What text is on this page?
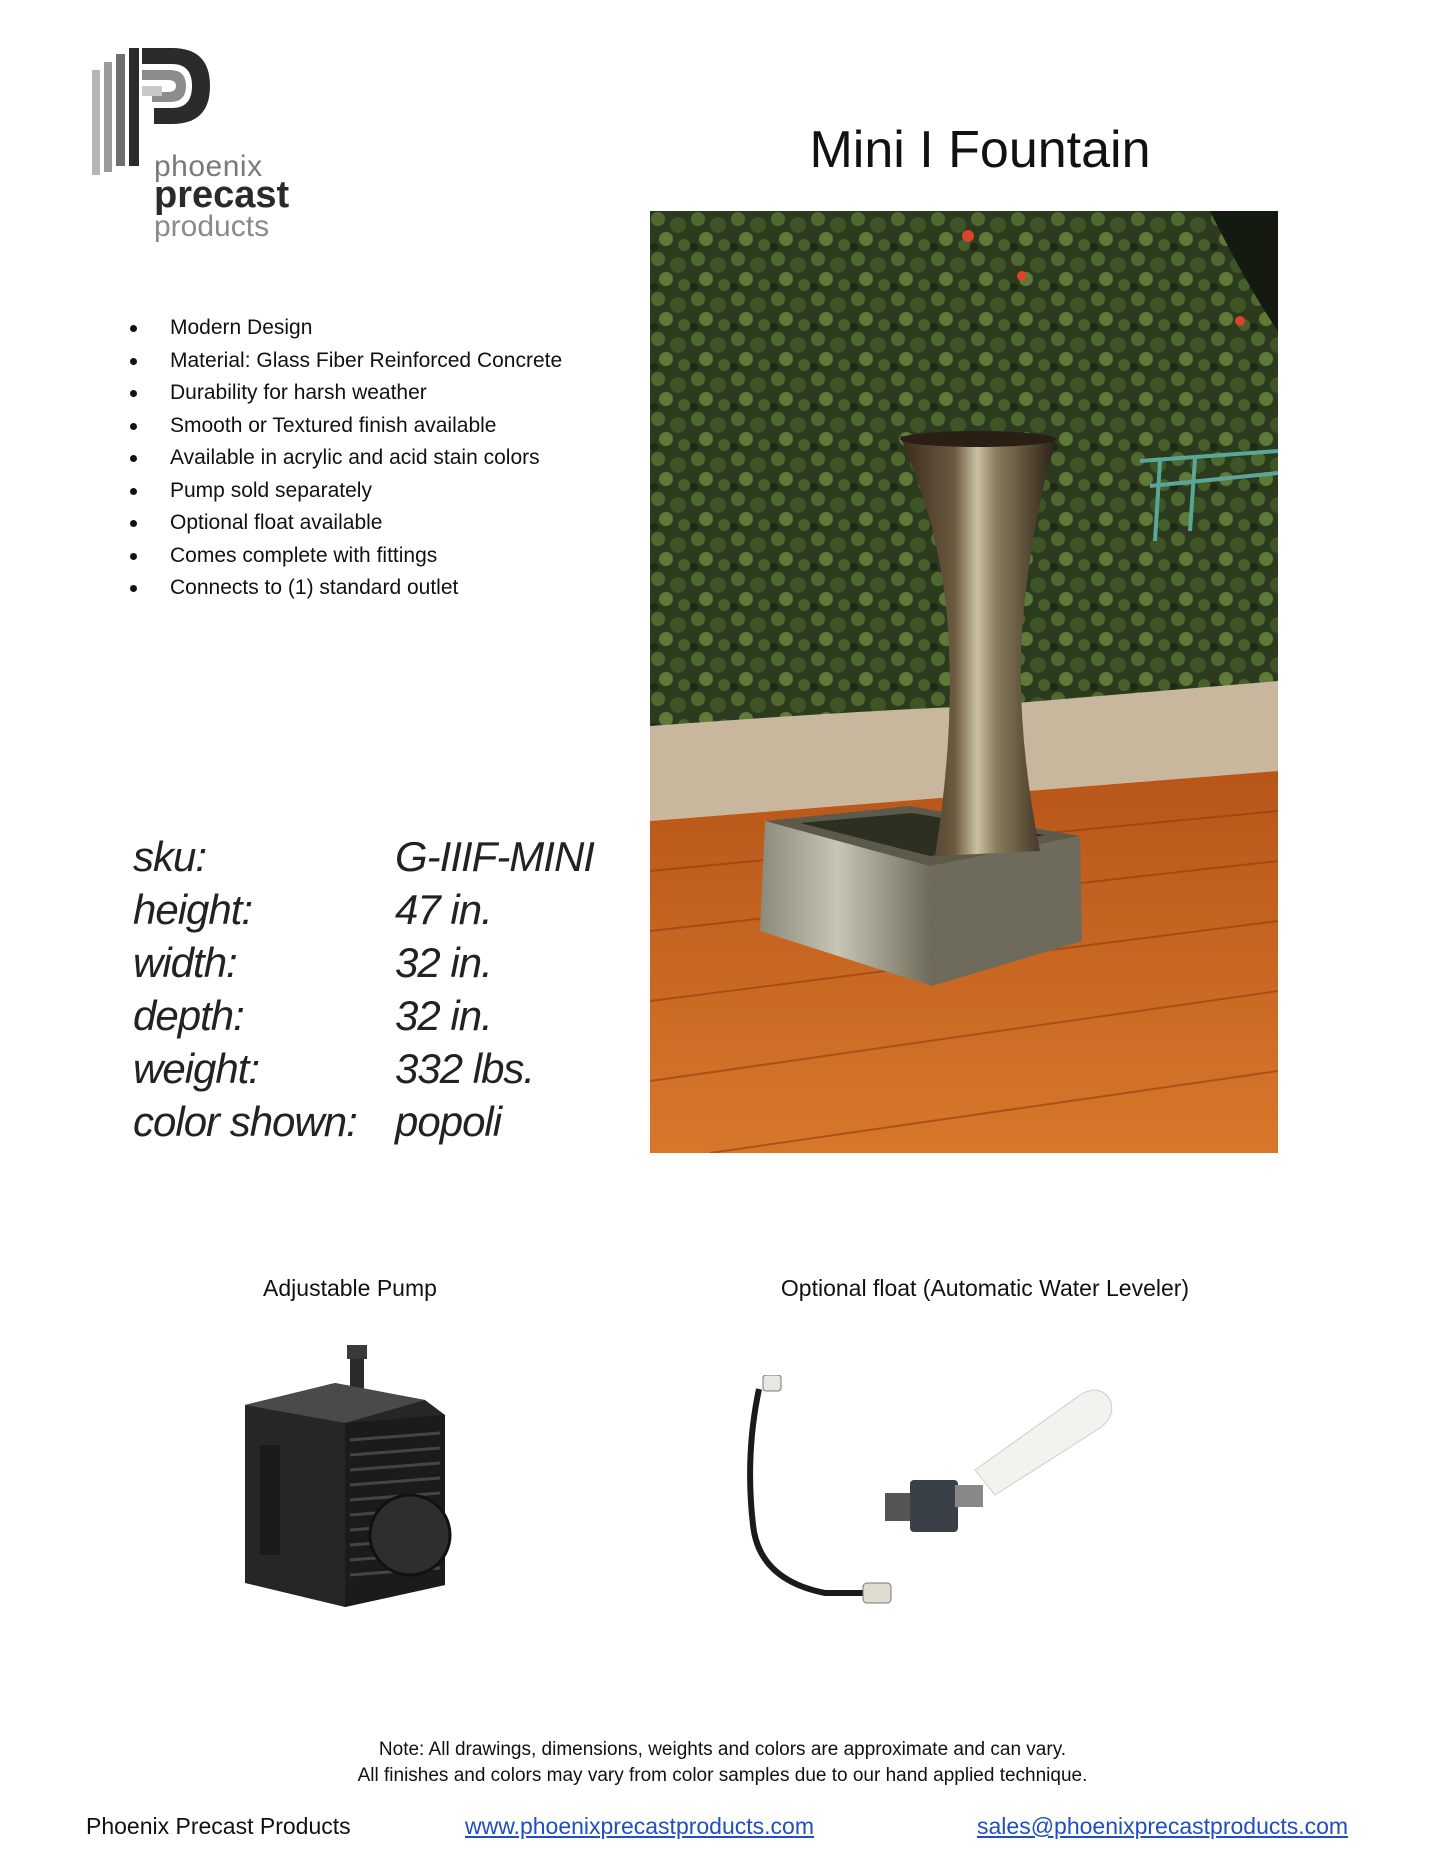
phoenix
precast
products
Mini I Fountain
Modern Design
Material: Glass Fiber Reinforced Concrete
Durability for harsh weather
Smooth or Textured finish available
Available in acrylic and acid stain colors
Pump sold separately
Optional float available
Comes complete with fittings
Connects to (1) standard outlet
sku:	G-IIIF-MINI
height:	47 in.
width:	32 in.
depth:	32 in.
weight:	332 lbs.
color shown: popoli
Adjustable Pump	Optional float (Automatic Water Leveler)
Note: All drawings, dimensions, weights and colors are approximate and can vary.
All finishes and colors may vary from color samples due to our hand applied technique.
Phoenix Precast Products	www.phoenixprecastproducts.com	sales@phoenixprecastproducts.com
